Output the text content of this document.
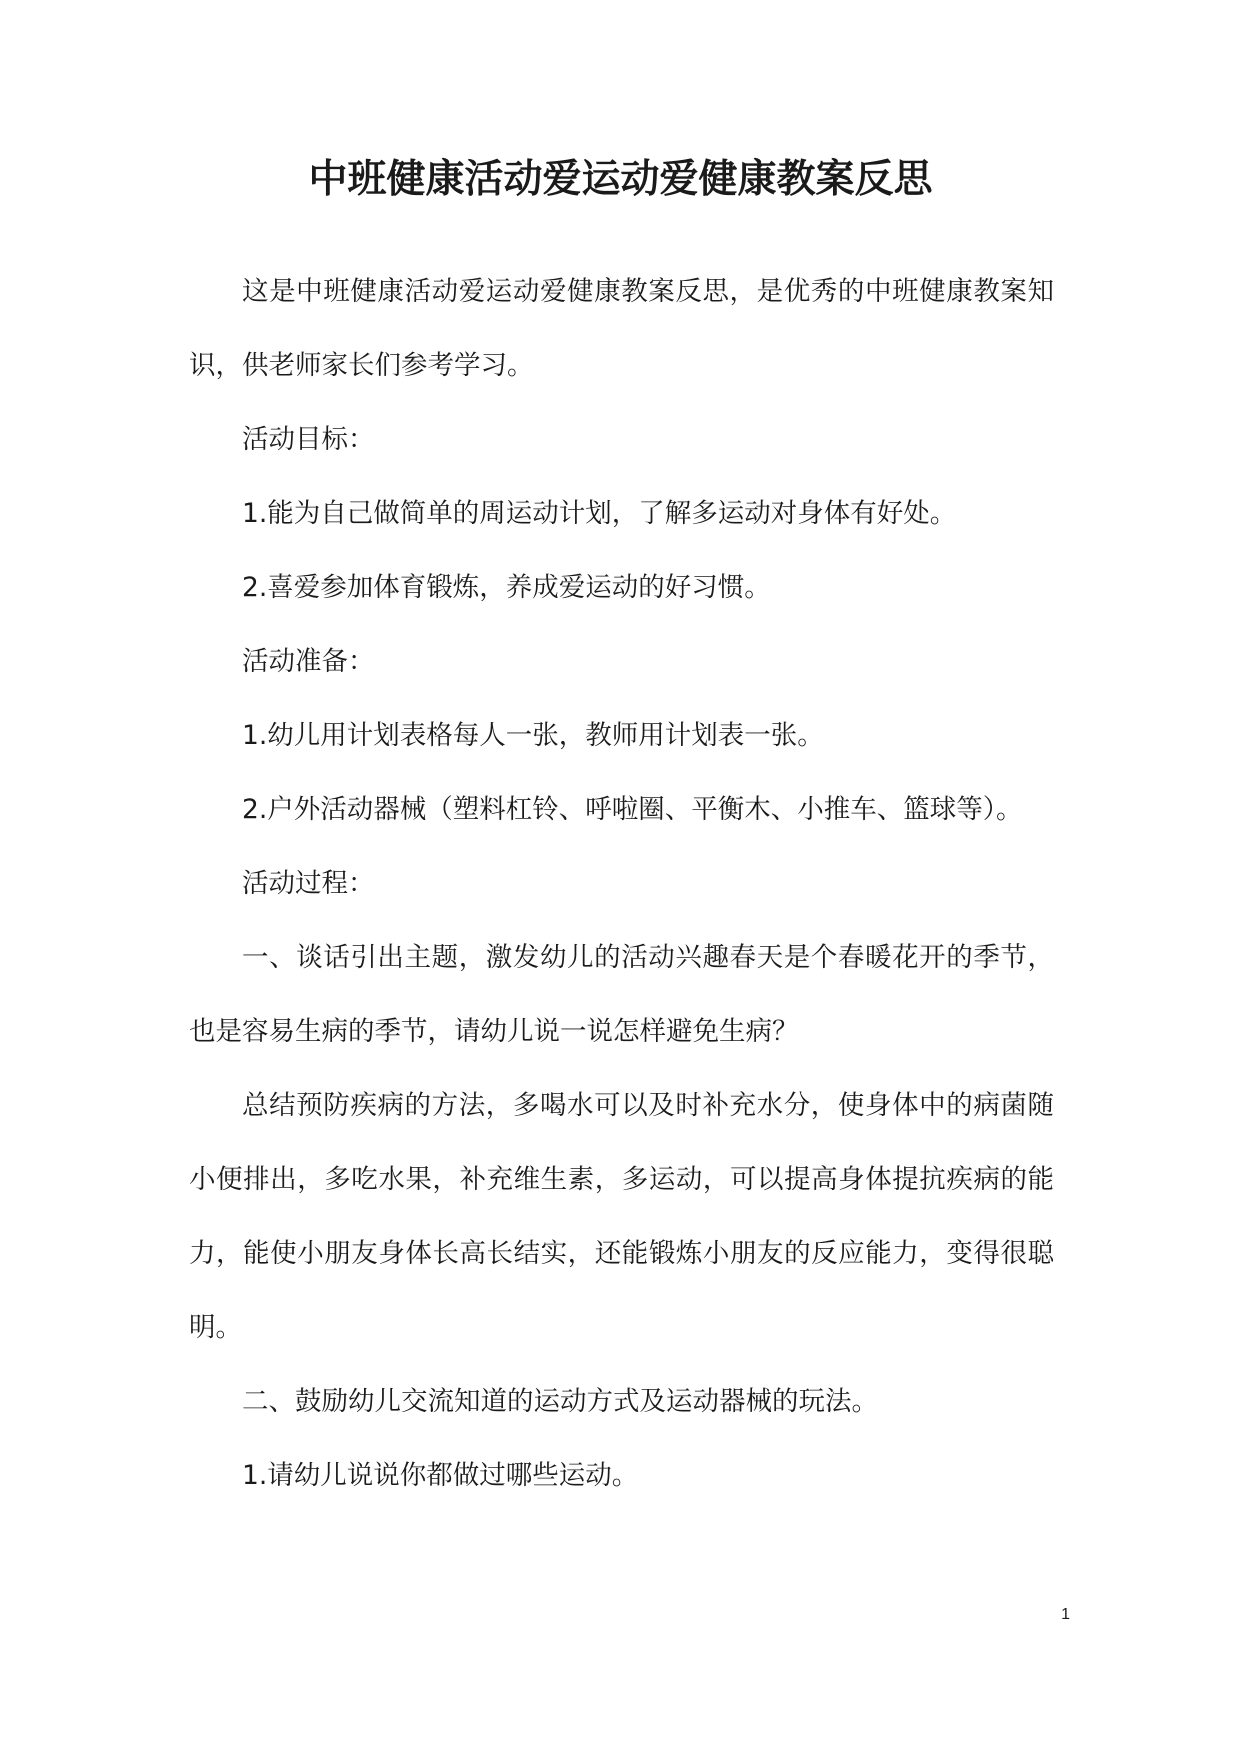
中班健康活动爱运动爱健康教案反思

这是中班健康活动爱运动爱健康教案反思，是优秀的中班健康教案知识，供老师家长们参考学习。

活动目标：

1.能为自己做简单的周运动计划，了解多运动对身体有好处。

2.喜爱参加体育锻炼，养成爱运动的好习惯。

活动准备：

1.幼儿用计划表格每人一张，教师用计划表一张。

2.户外活动器械（塑料杠铃、呼啦圈、平衡木、小推车、篮球等）。

活动过程：

一、谈话引出主题，激发幼儿的活动兴趣春天是个春暖花开的季节，也是容易生病的季节，请幼儿说一说怎样避免生病？

总结预防疾病的方法，多喝水可以及时补充水分，使身体中的病菌随小便排出，多吃水果，补充维生素，多运动，可以提高身体提抗疾病的能力，能使小朋友身体长高长结实，还能锻炼小朋友的反应能力，变得很聪明。

二、鼓励幼儿交流知道的运动方式及运动器械的玩法。

1.请幼儿说说你都做过哪些运动。

1
